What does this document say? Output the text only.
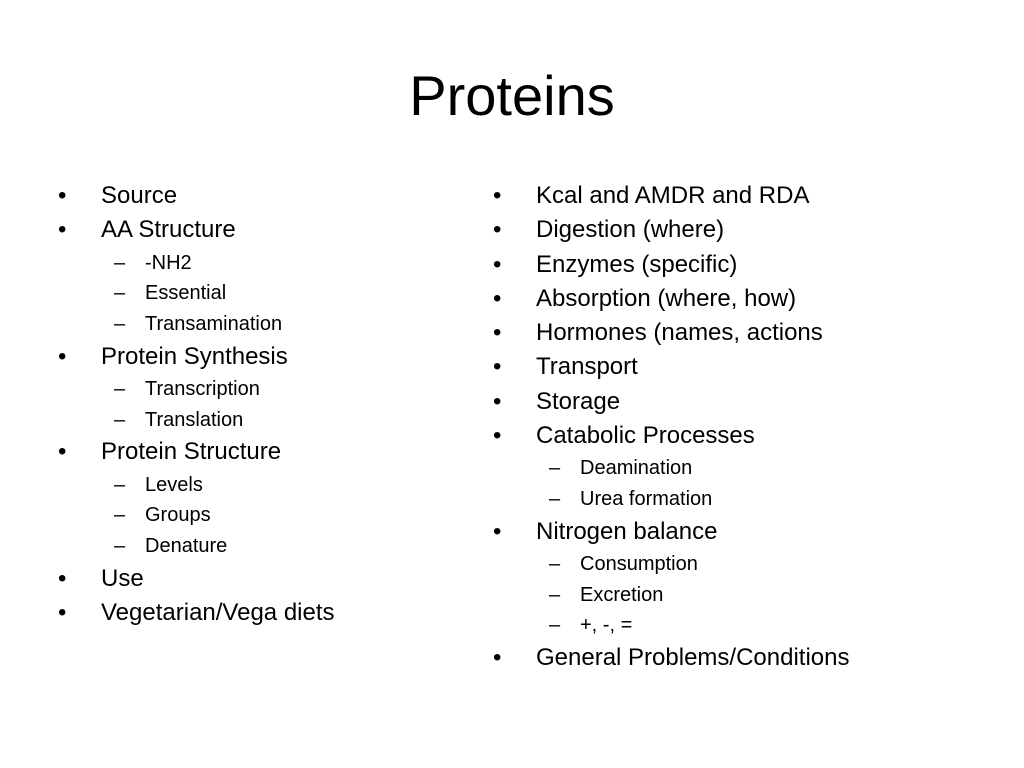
Proteins
•	Source
•	AA Structure
– -NH2
– Essential
– Transamination
•	Protein Synthesis
– Transcription
– Translation
•	Protein Structure
– Levels
– Groups
– Denature
•	Use
•	Vegetarian/Vega diets
•	Kcal and AMDR and RDA
•	Digestion (where)
•	Enzymes (specific)
•	Absorption (where, how)
•	Hormones (names, actions
•	Transport
•	Storage
•	Catabolic Processes
– Deamination
– Urea formation
•	Nitrogen balance
– Consumption
– Excretion
– +, -, =
•	General Problems/Conditions
